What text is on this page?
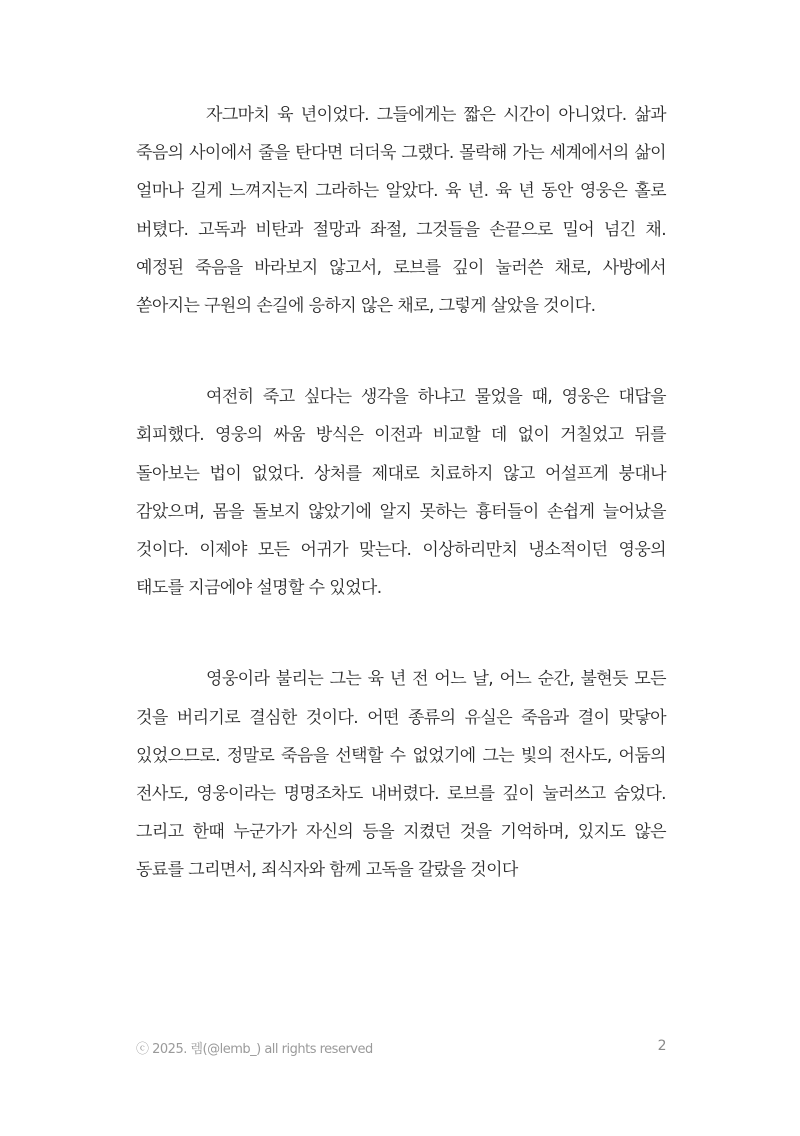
자그마치 육 년이었다. 그들에게는 짧은 시간이 아니었다. 삶과 죽음의 사이에서 줄을 탄다면 더더욱 그랬다. 몰락해 가는 세계에서의 삶이 얼마나 길게 느껴지는지 그라하는 알았다. 육 년. 육 년 동안 영웅은 홀로 버텼다. 고독과 비탄과 절망과 좌절, 그것들을 손끝으로 밀어 넘긴 채. 예정된 죽음을 바라보지 않고서, 로브를 깊이 눌러쓴 채로, 사방에서 쏟아지는 구원의 손길에 응하지 않은 채로, 그렇게 살았을 것이다.

여전히 죽고 싶다는 생각을 하냐고 물었을 때, 영웅은 대답을 회피했다. 영웅의 싸움 방식은 이전과 비교할 데 없이 거칠었고 뒤를 돌아보는 법이 없었다. 상처를 제대로 치료하지 않고 어설프게 붕대나 감았으며, 몸을 돌보지 않았기에 알지 못하는 흉터들이 손쉽게 늘어났을 것이다. 이제야 모든 어귀가 맞는다. 이상하리만치 냉소적이던 영웅의 태도를 지금에야 설명할 수 있었다.

영웅이라 불리는 그는 육 년 전 어느 날, 어느 순간, 불현듯 모든 것을 버리기로 결심한 것이다. 어떤 종류의 유실은 죽음과 결이 맞닿아 있었으므로. 정말로 죽음을 선택할 수 없었기에 그는 빛의 전사도, 어둠의 전사도, 영웅이라는 명명조차도 내버렸다. 로브를 깊이 눌러쓰고 숨었다. 그리고 한때 누군가가 자신의 등을 지켰던 것을 기억하며, 있지도 않은 동료를 그리면서, 죄식자와 함께 고독을 갈랐을 것이다

ⓒ 2025. 렘(@lemb_) all rights reserved	2
